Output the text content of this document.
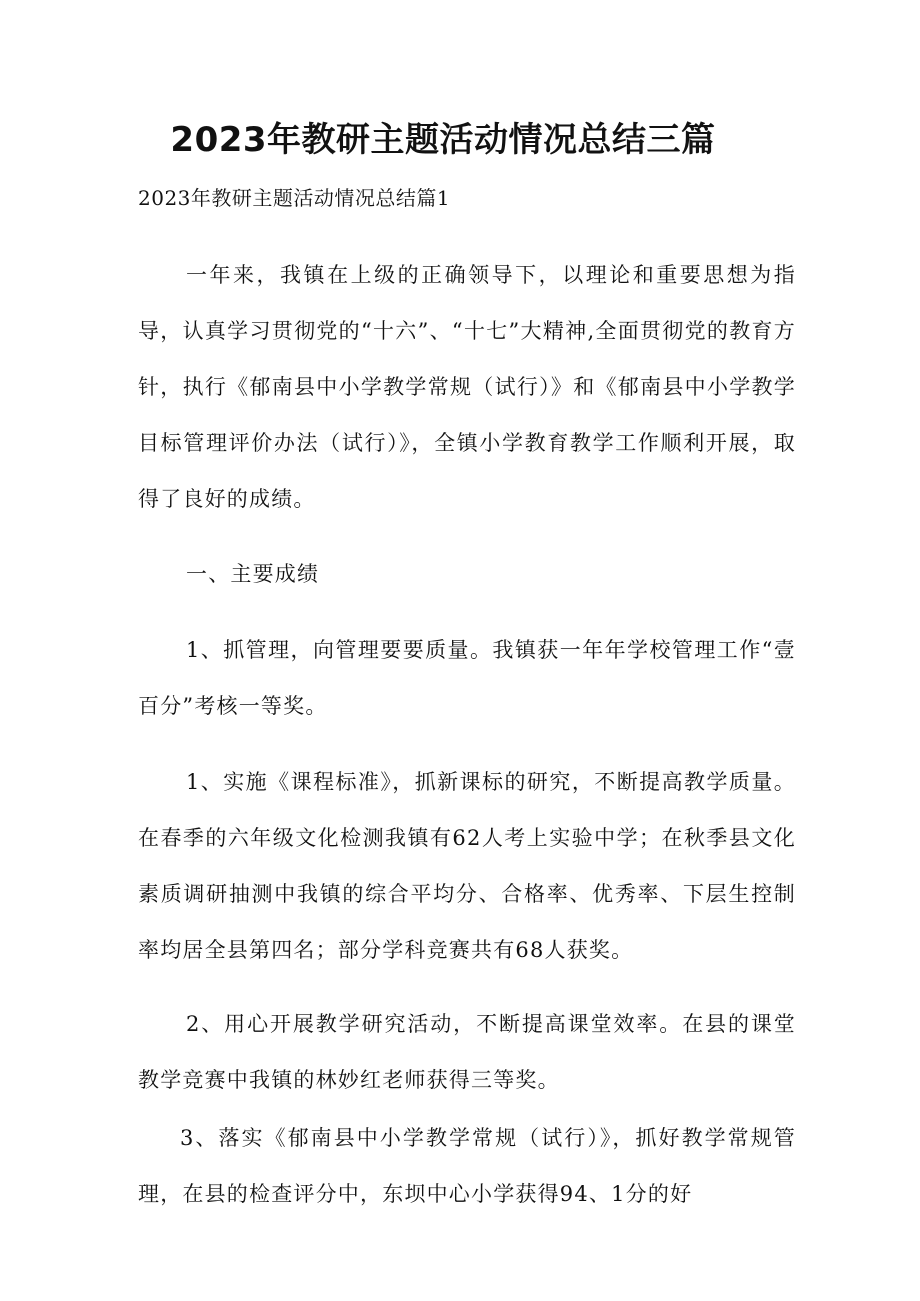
2023年教研主题活动情况总结三篇

2023年教研主题活动情况总结篇1

一年来，我镇在上级的正确领导下，以理论和重要思想为指导，认真学习贯彻党的“十六”、“十七”大精神,全面贯彻党的教育方针，执行《郁南县中小学教学常规（试行）》和《郁南县中小学教学目标管理评价办法（试行）》，全镇小学教育教学工作顺利开展，取得了良好的成绩。

一、主要成绩

1、抓管理，向管理要要质量。我镇获一年年学校管理工作“壹百分”考核一等奖。

1、实施《课程标准》，抓新课标的研究，不断提高教学质量。在春季的六年级文化检测我镇有62人考上实验中学；在秋季县文化素质调研抽测中我镇的综合平均分、合格率、优秀率、下层生控制率均居全县第四名；部分学科竞赛共有68人获奖。

2、用心开展教学研究活动，不断提高课堂效率。在县的课堂教学竞赛中我镇的林妙红老师获得三等奖。

3、落实《郁南县中小学教学常规（试行）》，抓好教学常规管理，在县的检查评分中，东坝中心小学获得94、1分的好
